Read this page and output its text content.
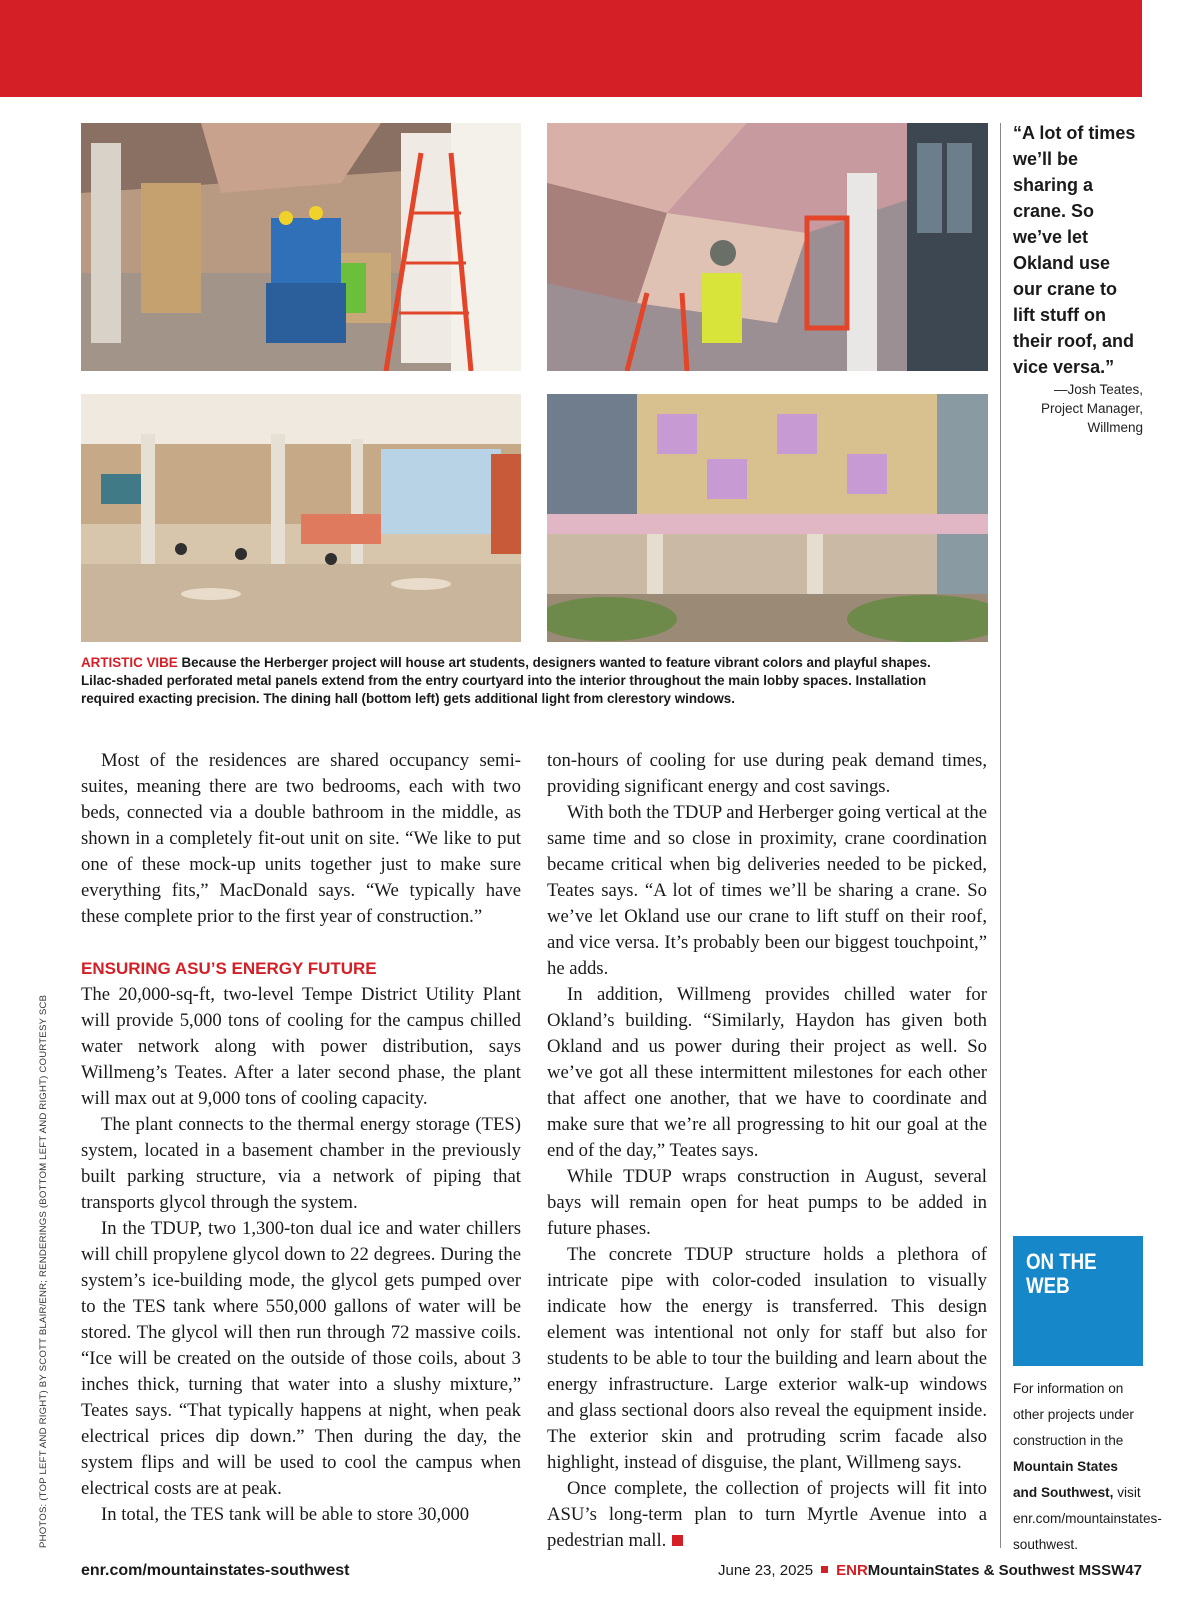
ARTISTIC VIBE Because the Herberger project will house art students, designers wanted to feature vibrant colors and playful shapes. Lilac-shaded perforated metal panels extend from the entry courtyard into the interior throughout the main lobby spaces. Installation required exacting precision. The dining hall (bottom left) gets additional light from clerestory windows.
“A lot of times we’ll be sharing a crane. So we’ve let Okland use our crane to lift stuff on their roof, and vice versa.”
—Josh Teates,
Project Manager,
Willmeng

Most of the residences are shared occupancy semi-suites, meaning there are two bedrooms, each with two beds, connected via a double bathroom in the middle, as shown in a completely fit-out unit on site. “We like to put one of these mock-up units together just to make sure everything fits,” MacDonald says. “We typically have these complete prior to the first year of construction.”

ENSURING ASU’S ENERGY FUTURE

The 20,000-sq-ft, two-level Tempe District Utility Plant will provide 5,000 tons of cooling for the campus chilled water network along with power distribution, says Willmeng’s Teates. After a later second phase, the plant will max out at 9,000 tons of cooling capacity.

The plant connects to the thermal energy storage (TES) system, located in a basement chamber in the previously built parking structure, via a network of piping that transports glycol through the system.

In the TDUP, two 1,300-ton dual ice and water chillers will chill propylene glycol down to 22 degrees. During the system’s ice-building mode, the glycol gets pumped over to the TES tank where 550,000 gallons of water will be stored. The glycol will then run through 72 massive coils. “Ice will be created on the outside of those coils, about 3 inches thick, turning that water into a slushy mixture,” Teates says. “That typically happens at night, when peak electrical prices dip down.” Then during the day, the system flips and will be used to cool the campus when electrical costs are at peak.

In total, the TES tank will be able to store 30,000

ton-hours of cooling for use during peak demand times, providing significant energy and cost savings.

With both the TDUP and Herberger going vertical at the same time and so close in proximity, crane coordination became critical when big deliveries needed to be picked, Teates says. “A lot of times we’ll be sharing a crane. So we’ve let Okland use our crane to lift stuff on their roof, and vice versa. It’s probably been our biggest touchpoint,” he adds.

In addition, Willmeng provides chilled water for Okland’s building. “Similarly, Haydon has given both Okland and us power during their project as well. So we’ve got all these intermittent milestones for each other that affect one another, that we have to coordinate and make sure that we’re all progressing to hit our goal at the end of the day,” Teates says.

While TDUP wraps construction in August, several bays will remain open for heat pumps to be added in future phases.

The concrete TDUP structure holds a plethora of intricate pipe with color-coded insulation to visually indicate how the energy is transferred. This design element was intentional not only for staff but also for students to be able to tour the building and learn about the energy infrastructure. Large exterior walk-up windows and glass sectional doors also reveal the equipment inside. The exterior skin and protruding scrim facade also highlight, instead of disguise, the plant, Willmeng says.

Once complete, the collection of projects will fit into ASU’s long-term plan to turn Myrtle Avenue into a pedestrian mall.

PHOTOS: (TOP LEFT AND RIGHT) BY SCOTT BLAIR/ENR; RENDERINGS (BOTTOM LEFT AND RIGHT) COURTESY SCB	ON THE
WEB
For information on other projects under construction in the Mountain States and Southwest, visit enr.com/mountainstates-southwest.
enr.com/mountainstates-southwest	June 23, 2025 ENRMountainStates & Southwest MSSW47
